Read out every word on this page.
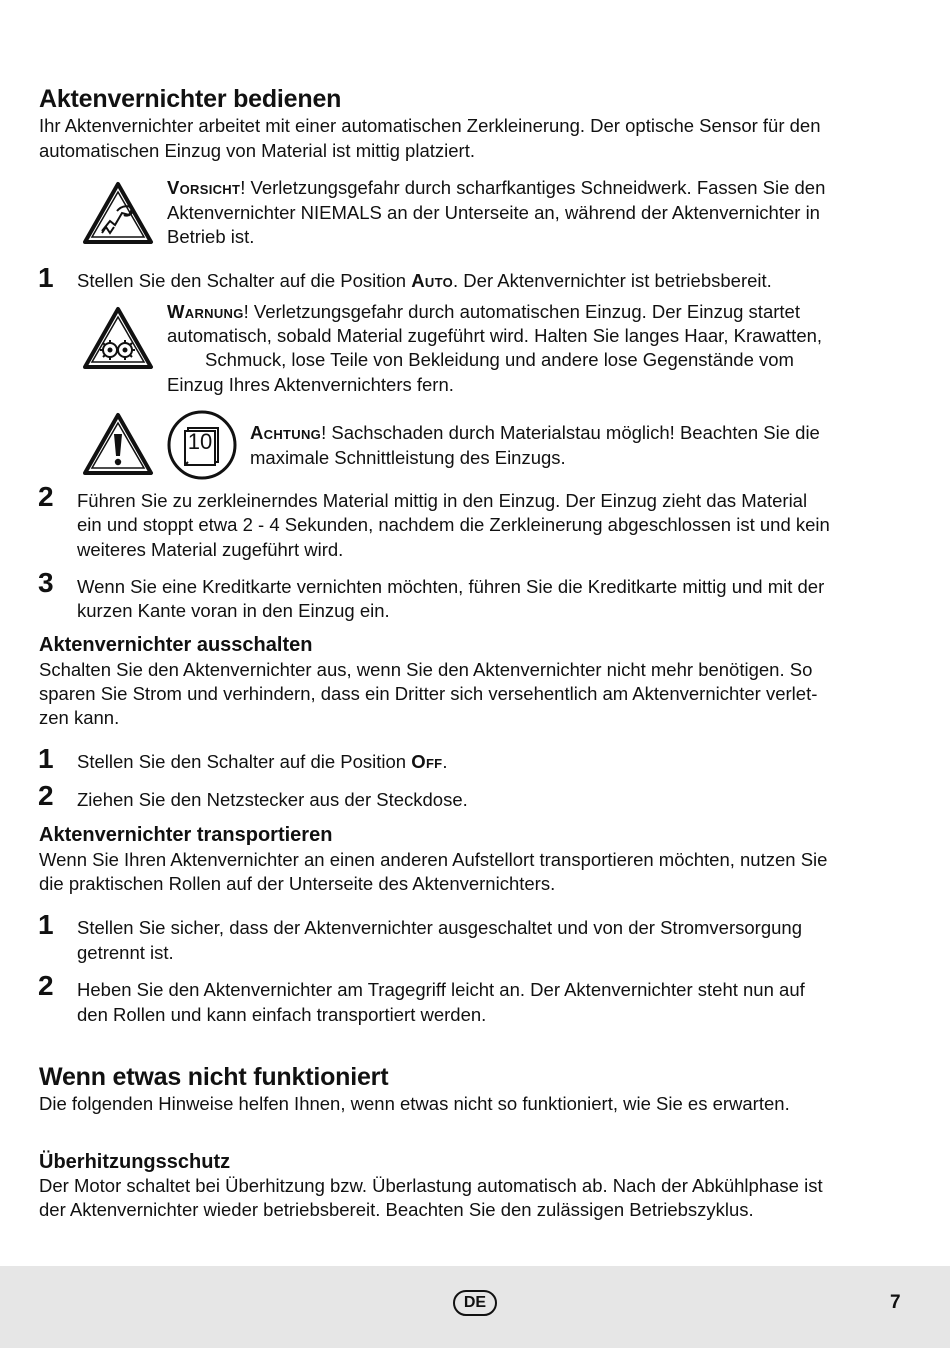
Aktenvernichter bedienen
Ihr Aktenvernichter arbeitet mit einer automatischen Zerkleinerung. Der optische Sensor für den
automatischen Einzug von Material ist mittig platziert.
Vorsicht! Verletzungsgefahr durch scharfkantiges Schneidwerk. Fassen Sie den
Aktenvernichter NIEMALS an der Unterseite an, während der Aktenvernichter in
Betrieb ist.
1 Stellen Sie den Schalter auf die Position Auto. Der Aktenvernichter ist betriebsbereit.
Warnung! Verletzungsgefahr durch automatischen Einzug. Der Einzug startet
automatisch, sobald Material zugeführt wird. Halten Sie langes Haar, Krawatten,
Schmuck, lose Teile von Bekleidung und andere lose Gegenstände vom
Einzug Ihres Aktenvernichters fern.
10 Achtung! Sachschaden durch Materialstau möglich! Beachten Sie die
maximale Schnittleistung des Einzugs.
2 Führen Sie zu zerkleinerndes Material mittig in den Einzug. Der Einzug zieht das Material
ein und stoppt etwa 2 - 4 Sekunden, nachdem die Zerkleinerung abgeschlossen ist und kein
weiteres Material zugeführt wird.
3 Wenn Sie eine Kreditkarte vernichten möchten, führen Sie die Kreditkarte mittig und mit der
kurzen Kante voran in den Einzug ein.
Aktenvernichter ausschalten
Schalten Sie den Aktenvernichter aus, wenn Sie den Aktenvernichter nicht mehr benötigen. So
sparen Sie Strom und verhindern, dass ein Dritter sich versehentlich am Aktenvernichter verlet-
zen kann.
1 Stellen Sie den Schalter auf die Position Off.
2 Ziehen Sie den Netzstecker aus der Steckdose.
Aktenvernichter transportieren
Wenn Sie Ihren Aktenvernichter an einen anderen Aufstellort transportieren möchten, nutzen Sie
die praktischen Rollen auf der Unterseite des Aktenvernichters.
1 Stellen Sie sicher, dass der Aktenvernichter ausgeschaltet und von der Stromversorgung
getrennt ist.
2 Heben Sie den Aktenvernichter am Tragegriff leicht an. Der Aktenvernichter steht nun auf
den Rollen und kann einfach transportiert werden.
Wenn etwas nicht funktioniert
Die folgenden Hinweise helfen Ihnen, wenn etwas nicht so funktioniert, wie Sie es erwarten.
Überhitzungsschutz
Der Motor schaltet bei Überhitzung bzw. Überlastung automatisch ab. Nach der Abkühlphase ist
der Aktenvernichter wieder betriebsbereit. Beachten Sie den zulässigen Betriebszyklus.
DE	7
